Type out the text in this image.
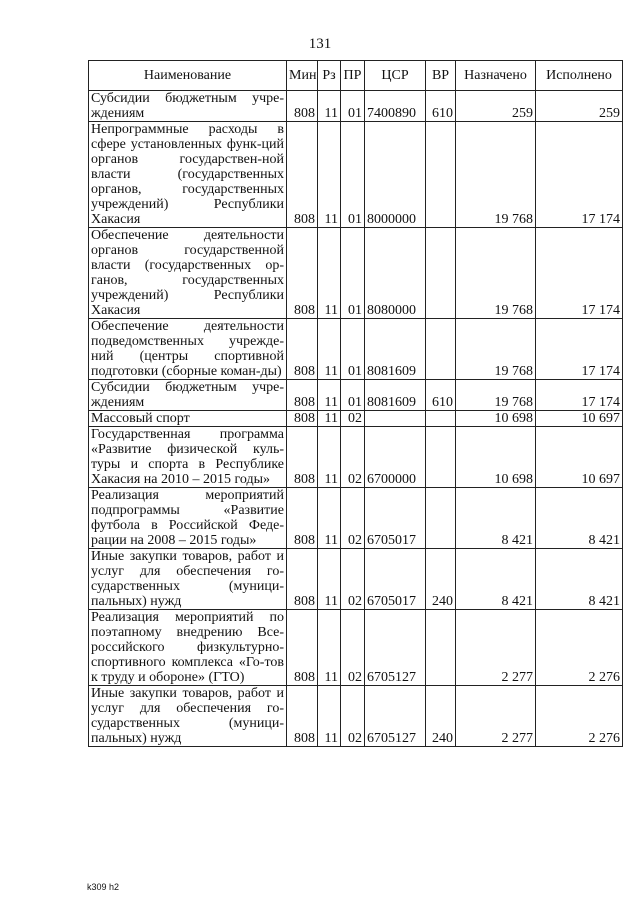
131
Наименование	Мин	Рз	ПР	ЦСР	ВР	Назначено	Исполнено
Субсидии бюджетным учре- ждениям	808	11	01	7400890	610	259	259
Непрограммные расходы в сфере установленных функ-ций органов государствен-ной власти (государственных органов, государственных учреждений) Республики Хакасия	808	11	01	8000000		19 768	17 174
Обеспечение деятельности органов государственной власти (государственных ор-ганов, государственных учреждений) Республики Хакасия	808	11	01	8080000		19 768	17 174
Обеспечение деятельности подведомственных учрежде-ний (центры спортивной подготовки (сборные коман-ды)	808	11	01	8081609		19 768	17 174
Субсидии бюджетным учре-ждениям	808	11	01	8081609	610	19 768	17 174
Массовый спорт	808	11	02			10 698	10 697
Государственная программа «Развитие физической куль-туры и спорта в Республике Хакасия на 2010 – 2015 годы»	808	11	02	6700000		10 698	10 697
Реализация мероприятий подпрограммы «Развитие футбола в Российской Феде-рации на 2008 – 2015 годы»	808	11	02	6705017		8 421	8 421
Иные закупки товаров, работ и услуг для обеспечения го-сударственных (муници-пальных) нужд	808	11	02	6705017	240	8 421	8 421
Реализация мероприятий по поэтапному внедрению Все-российского физкультурно-спортивного комплекса «Го-тов к труду и обороне» (ГТО)	808	11	02	6705127		2 277	2 276
Иные закупки товаров, работ и услуг для обеспечения го-сударственных (муници-пальных) нужд	808	11	02	6705127	240	2 277	2 276
k309 h2
